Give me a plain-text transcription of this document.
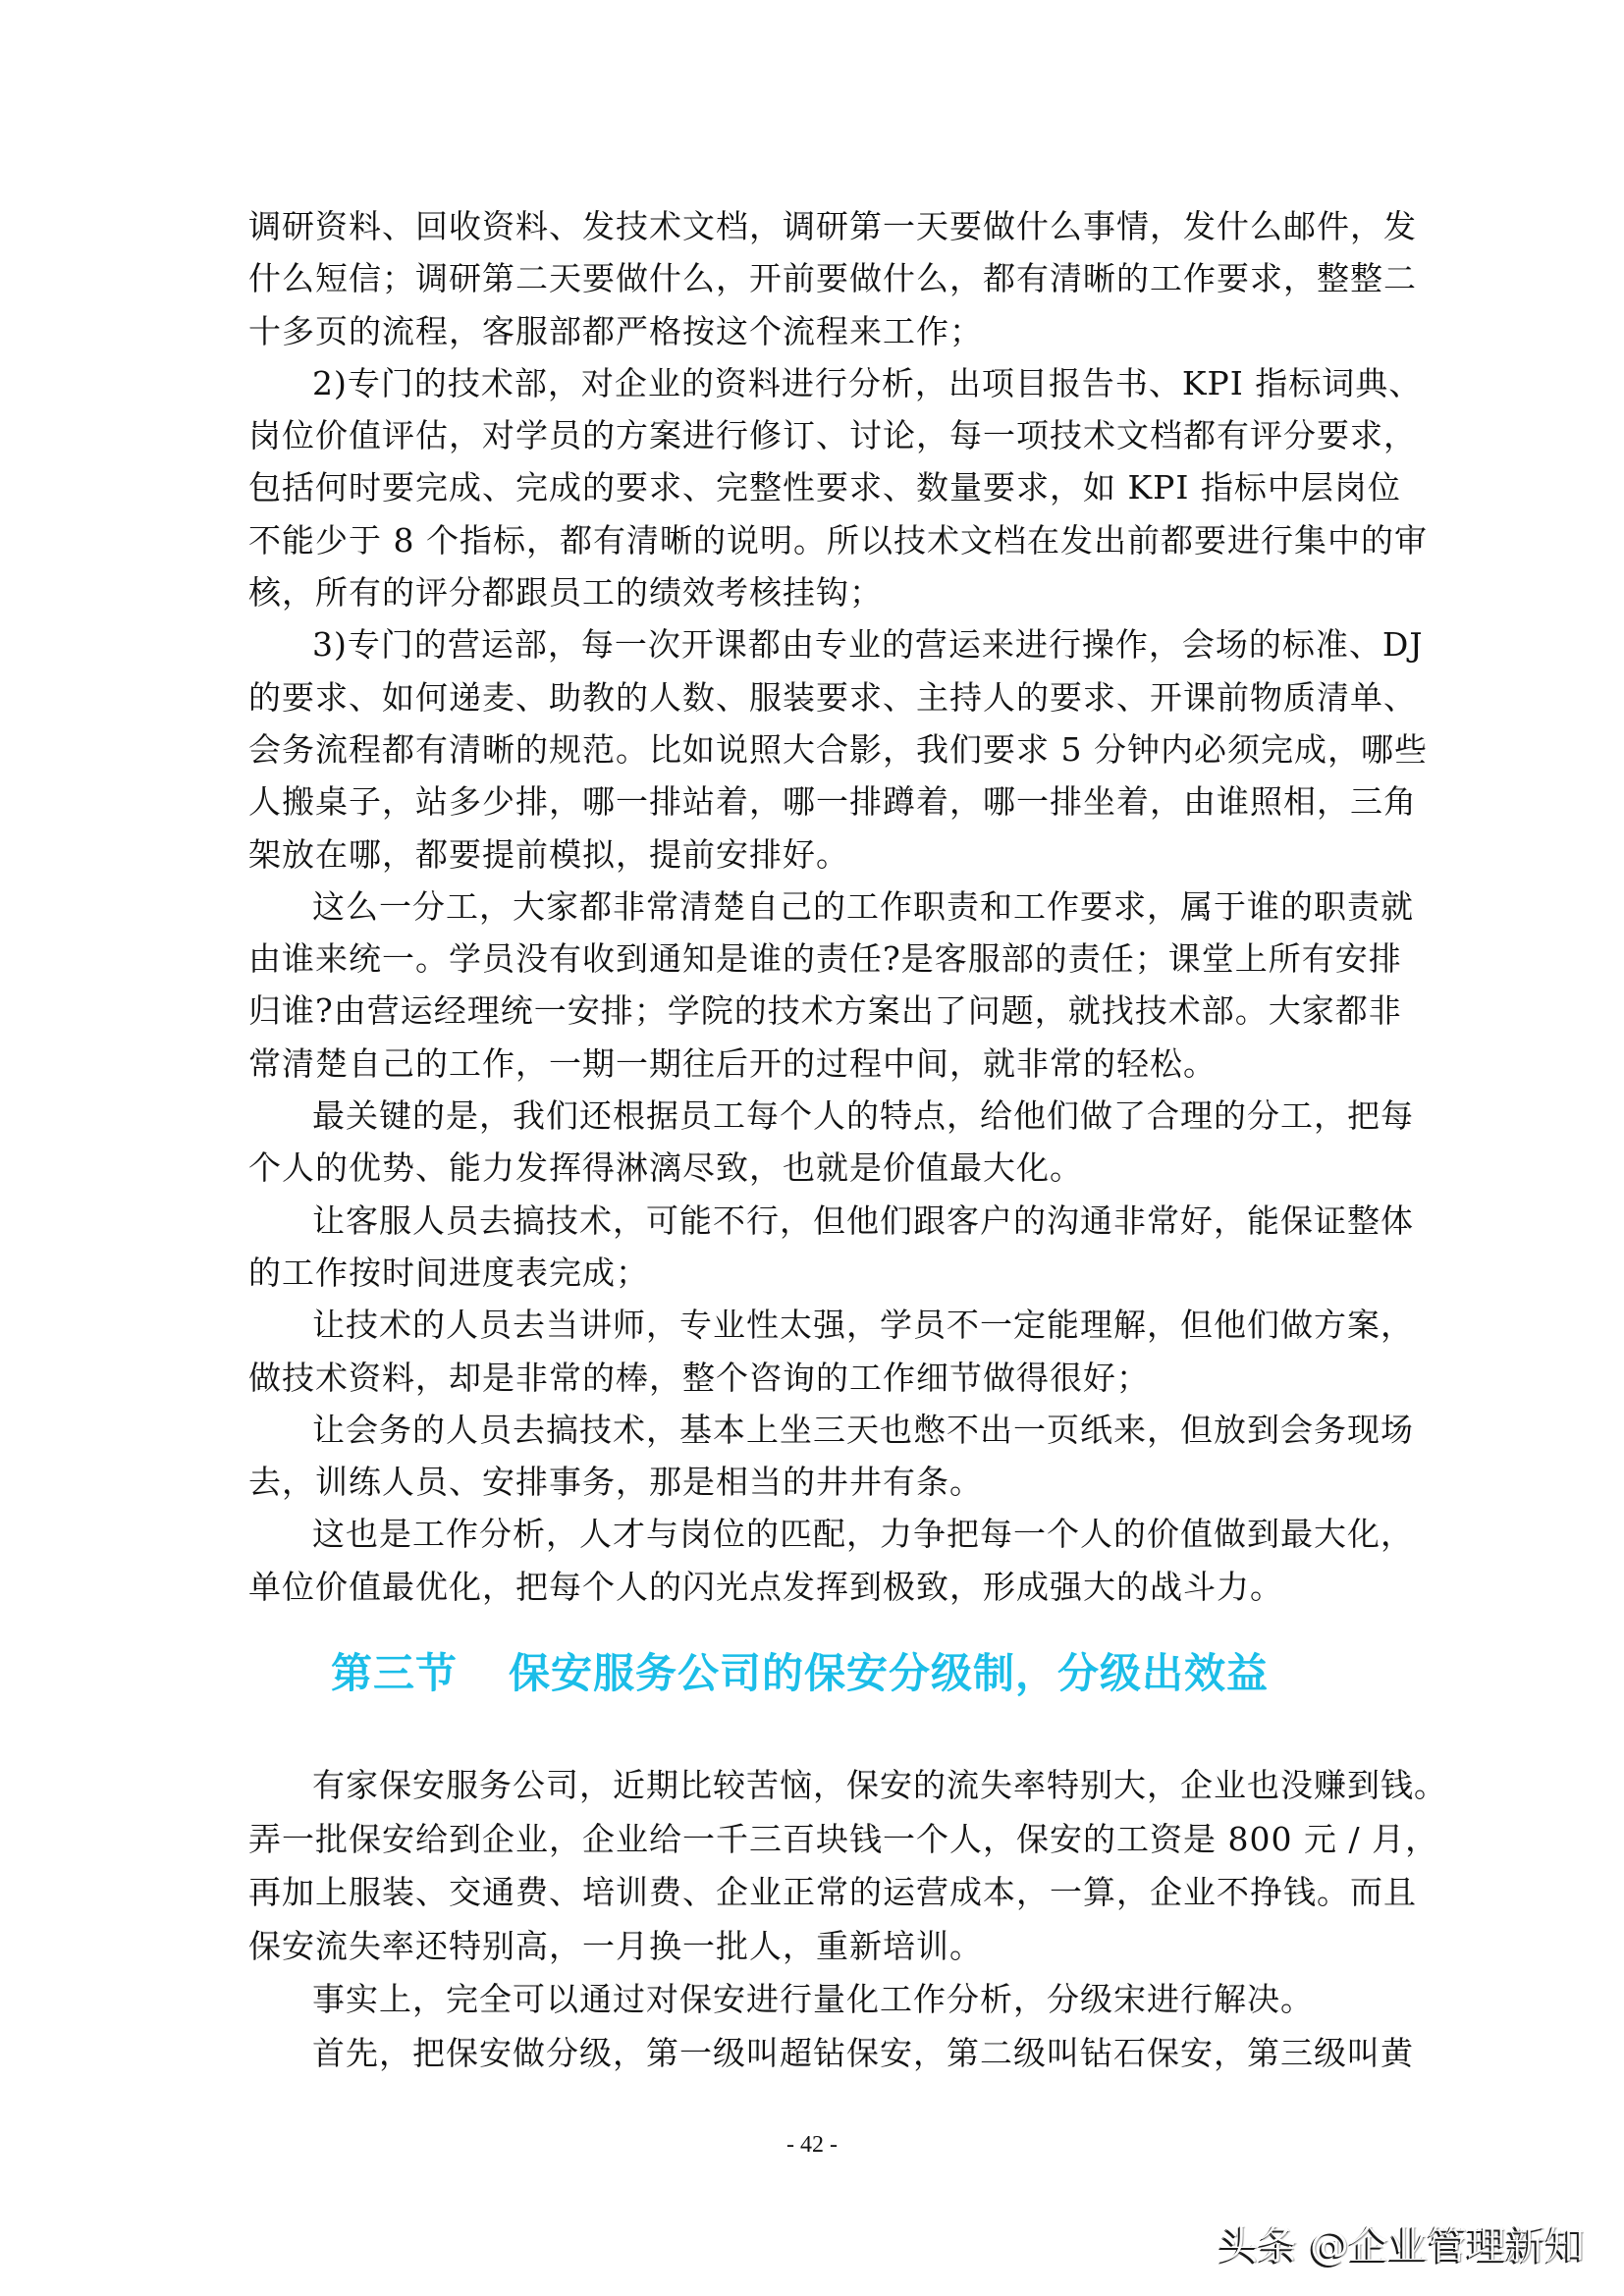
调研资料、回收资料、发技术文档，调研第一天要做什么事情，发什么邮件，发
什么短信；调研第二天要做什么，开前要做什么，都有清晰的工作要求，整整二
十多页的流程，客服部都严格按这个流程来工作；
2)专门的技术部，对企业的资料进行分析，出项目报告书、KPI 指标词典、
岗位价值评估，对学员的方案进行修订、讨论，每一项技术文档都有评分要求，
包括何时要完成、完成的要求、完整性要求、数量要求，如 KPI 指标中层岗位
不能少于 8 个指标，都有清晰的说明。所以技术文档在发出前都要进行集中的审
核，所有的评分都跟员工的绩效考核挂钩；
3)专门的营运部，每一次开课都由专业的营运来进行操作，会场的标准、DJ
的要求、如何递麦、助教的人数、服装要求、主持人的要求、开课前物质清单、
会务流程都有清晰的规范。比如说照大合影，我们要求 5 分钟内必须完成，哪些
人搬桌子，站多少排，哪一排站着，哪一排蹲着，哪一排坐着，由谁照相，三角
架放在哪，都要提前模拟，提前安排好。
这么一分工，大家都非常清楚自己的工作职责和工作要求，属于谁的职责就
由谁来统一。学员没有收到通知是谁的责任?是客服部的责任；课堂上所有安排
归谁?由营运经理统一安排；学院的技术方案出了问题，就找技术部。大家都非
常清楚自己的工作，一期一期往后开的过程中间，就非常的轻松。
最关键的是，我们还根据员工每个人的特点，给他们做了合理的分工，把每
个人的优势、能力发挥得淋漓尽致，也就是价值最大化。
让客服人员去搞技术，可能不行，但他们跟客户的沟通非常好，能保证整体
的工作按时间进度表完成；
让技术的人员去当讲师，专业性太强，学员不一定能理解，但他们做方案，
做技术资料，却是非常的棒，整个咨询的工作细节做得很好；
让会务的人员去搞技术，基本上坐三天也憋不出一页纸来，但放到会务现场
去，训练人员、安排事务，那是相当的井井有条。
这也是工作分析，人才与岗位的匹配，力争把每一个人的价值做到最大化，
单位价值最优化，把每个人的闪光点发挥到极致，形成强大的战斗力。
第三节 保安服务公司的保安分级制，分级出效益
有家保安服务公司，近期比较苦恼，保安的流失率特别大，企业也没赚到钱。
弄一批保安给到企业，企业给一千三百块钱一个人，保安的工资是 800 元 / 月，
再加上服装、交通费、培训费、企业正常的运营成本，一算，企业不挣钱。而且
保安流失率还特别高，一月换一批人，重新培训。
事实上，完全可以通过对保安进行量化工作分析，分级宋进行解决。
首先，把保安做分级，第一级叫超钻保安，第二级叫钻石保安，第三级叫黄
- 42 -
头条 @企业管理新知
